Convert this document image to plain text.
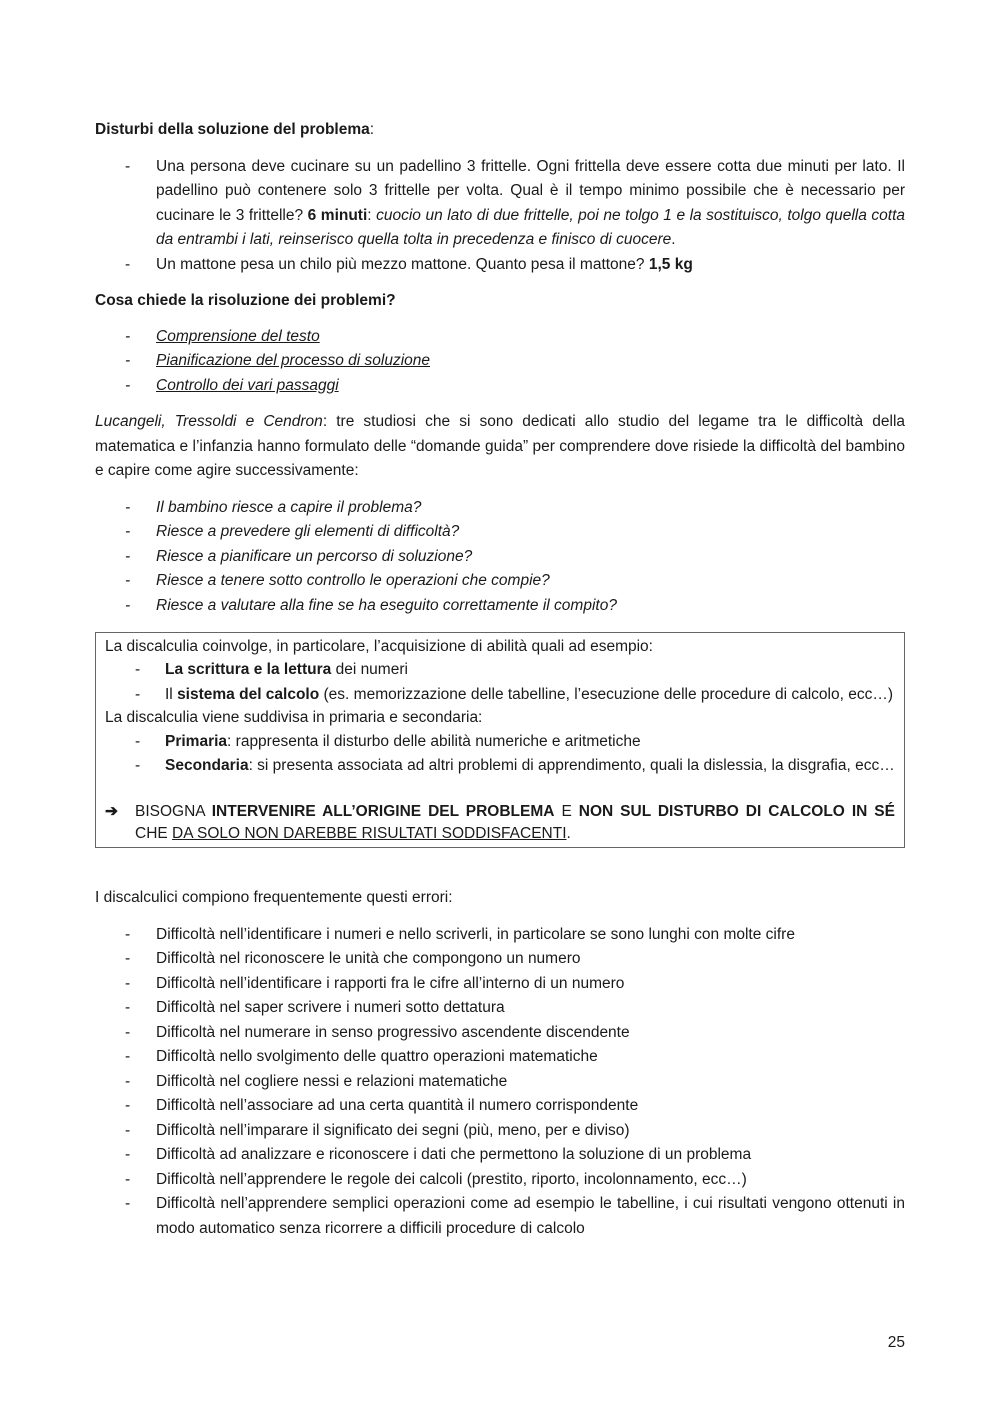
Disturbi della soluzione del problema:

- Una persona deve cucinare su un padellino 3 frittelle. Ogni frittella deve essere cotta due minuti per lato. Il padellino può contenere solo 3 frittelle per volta. Qual è il tempo minimo possibile che è necessario per cucinare le 3 frittelle? 6 minuti: cuocio un lato di due frittelle, poi ne tolgo 1 e la sostituisco, tolgo quella cotta da entrambi i lati, reinserisco quella tolta in precedenza e finisco di cuocere.
- Un mattone pesa un chilo più mezzo mattone. Quanto pesa il mattone? 1,5 kg

Cosa chiede la risoluzione dei problemi?

- Comprensione del testo
- Pianificazione del processo di soluzione
- Controllo dei vari passaggi

Lucangeli, Tressoldi e Cendron: tre studiosi che si sono dedicati allo studio del legame tra le difficoltà della matematica e l’infanzia hanno formulato delle “domande guida” per comprendere dove risiede la difficoltà del bambino e capire come agire successivamente:

- Il bambino riesce a capire il problema?
- Riesce a prevedere gli elementi di difficoltà?
- Riesce a pianificare un percorso di soluzione?
- Riesce a tenere sotto controllo le operazioni che compie?
- Riesce a valutare alla fine se ha eseguito correttamente il compito?

La discalculia coinvolge, in particolare, l’acquisizione di abilità quali ad esempio:

- La scrittura e la lettura dei numeri
- Il sistema del calcolo (es. memorizzazione delle tabelline, l’esecuzione delle procedure di calcolo, ecc…)

La discalculia viene suddivisa in primaria e secondaria:

- Primaria: rappresenta il disturbo delle abilità numeriche e aritmetiche
- Secondaria: si presenta associata ad altri problemi di apprendimento, quali la dislessia, la disgrafia, ecc…

➔ BISOGNA INTERVENIRE ALL’ORIGINE DEL PROBLEMA E NON SUL DISTURBO DI CALCOLO IN SÉ CHE DA SOLO NON DAREBBE RISULTATI SODDISFACENTI.

I discalculici compiono frequentemente questi errori:

- Difficoltà nell’identificare i numeri e nello scriverli, in particolare se sono lunghi con molte cifre
- Difficoltà nel riconoscere le unità che compongono un numero
- Difficoltà nell’identificare i rapporti fra le cifre all’interno di un numero
- Difficoltà nel saper scrivere i numeri sotto dettatura
- Difficoltà nel numerare in senso progressivo ascendente discendente
- Difficoltà nello svolgimento delle quattro operazioni matematiche
- Difficoltà nel cogliere nessi e relazioni matematiche
- Difficoltà nell’associare ad una certa quantità il numero corrispondente
- Difficoltà nell’imparare il significato dei segni (più, meno, per e diviso)
- Difficoltà ad analizzare e riconoscere i dati che permettono la soluzione di un problema
- Difficoltà nell’apprendere le regole dei calcoli (prestito, riporto, incolonnamento, ecc…)
- Difficoltà nell’apprendere semplici operazioni come ad esempio le tabelline, i cui risultati vengono ottenuti in modo automatico senza ricorrere a difficili procedure di calcolo
25
